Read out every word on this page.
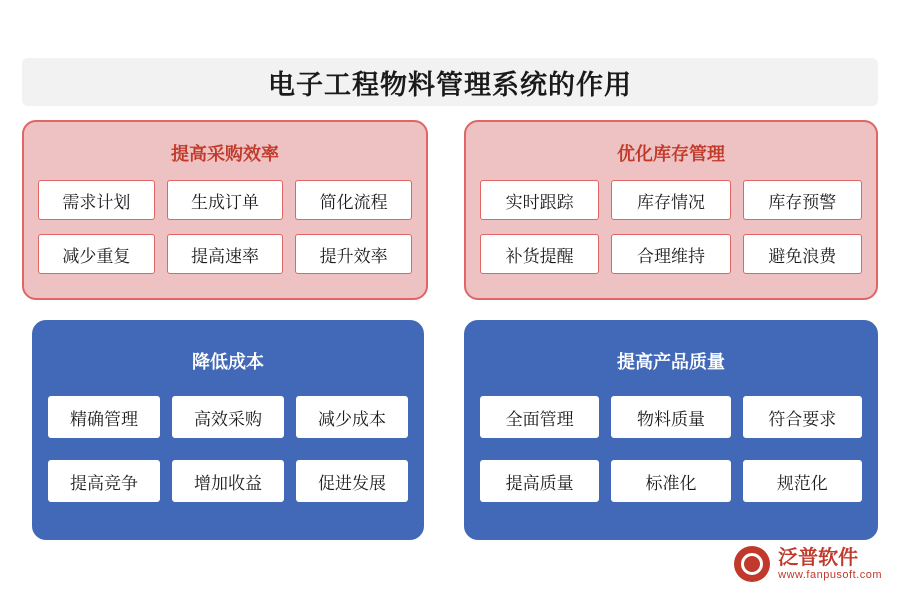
电子工程物料管理系统的作用
提高采购效率
需求计划	生成订单	简化流程
减少重复	提高速率	提升效率
优化库存管理
实时跟踪	库存情况	库存预警
补货提醒	合理维持	避免浪费
降低成本
精确管理	高效采购	减少成本
提高竞争	增加收益	促进发展
提高产品质量
全面管理	物料质量	符合要求
提高质量	标准化	规范化
泛普软件
www.fanpusoft.com
